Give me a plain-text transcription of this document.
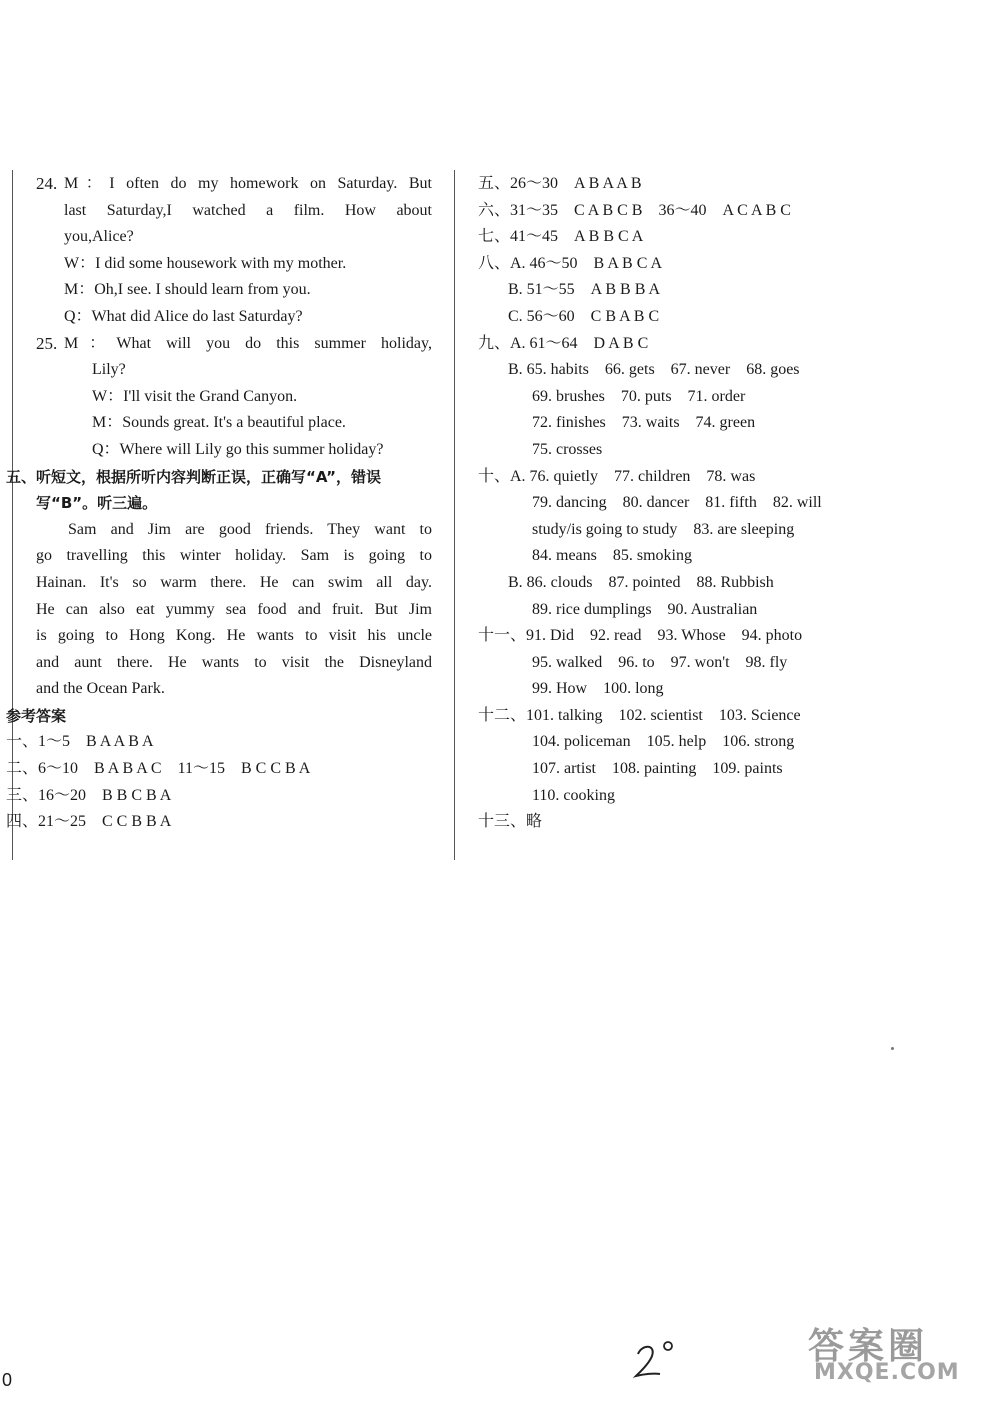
24. M：I often do my homework on Saturday. But
last Saturday,I watched a film. How about
you,Alice?
W：I did some housework with my mother.
M：Oh,I see. I should learn from you.
Q：What did Alice do last Saturday?
25. M：What will you do this summer holiday,
Lily?
W：I'll visit the Grand Canyon.
M：Sounds great. It's a beautiful place.
Q：Where will Lily go this summer holiday?
五、听短文，根据所听内容判断正误，正确写“A”，错误
写“B”。听三遍。
Sam and Jim are good friends. They want to
go travelling this winter holiday. Sam is going to
Hainan. It's so warm there. He can swim all day.
He can also eat yummy sea food and fruit. But Jim
is going to Hong Kong. He wants to visit his uncle
and aunt there. He wants to visit the Disneyland
and the Ocean Park.
参考答案
一、1～5　B A A B A
二、6～10　B A B A C　11～15　B C C B A
三、16～20　B B C B A
四、21～25　C C B B A
五、26～30　A B A A B
六、31～35　C A B C B　36～40　A C A B C
七、41～45　A B B C A
八、A. 46～50　B A B C A
B. 51～55　A B B B A
C. 56～60　C B A B C
九、A. 61～64　D A B C
B. 65. habits　66. gets　67. never　68. goes
69. brushes　70. puts　71. order
72. finishes　73. waits　74. green
75. crosses
十、A. 76. quietly　77. children　78. was
79. dancing　80. dancer　81. fifth　82. will
study/is going to study　83. are sleeping
84. means　85. smoking
B. 86. clouds　87. pointed　88. Rubbish
89. rice dumplings　90. Australian
十一、91. Did　92. read　93. Whose　94. photo
95. walked　96. to　97. won't　98. fly
99. How　100. long
十二、101. talking　102. scientist　103. Science
104. policeman　105. help　106. strong
107. artist　108. painting　109. paints
110. cooking
十三、略
0
答案圈
MXQE.COM
